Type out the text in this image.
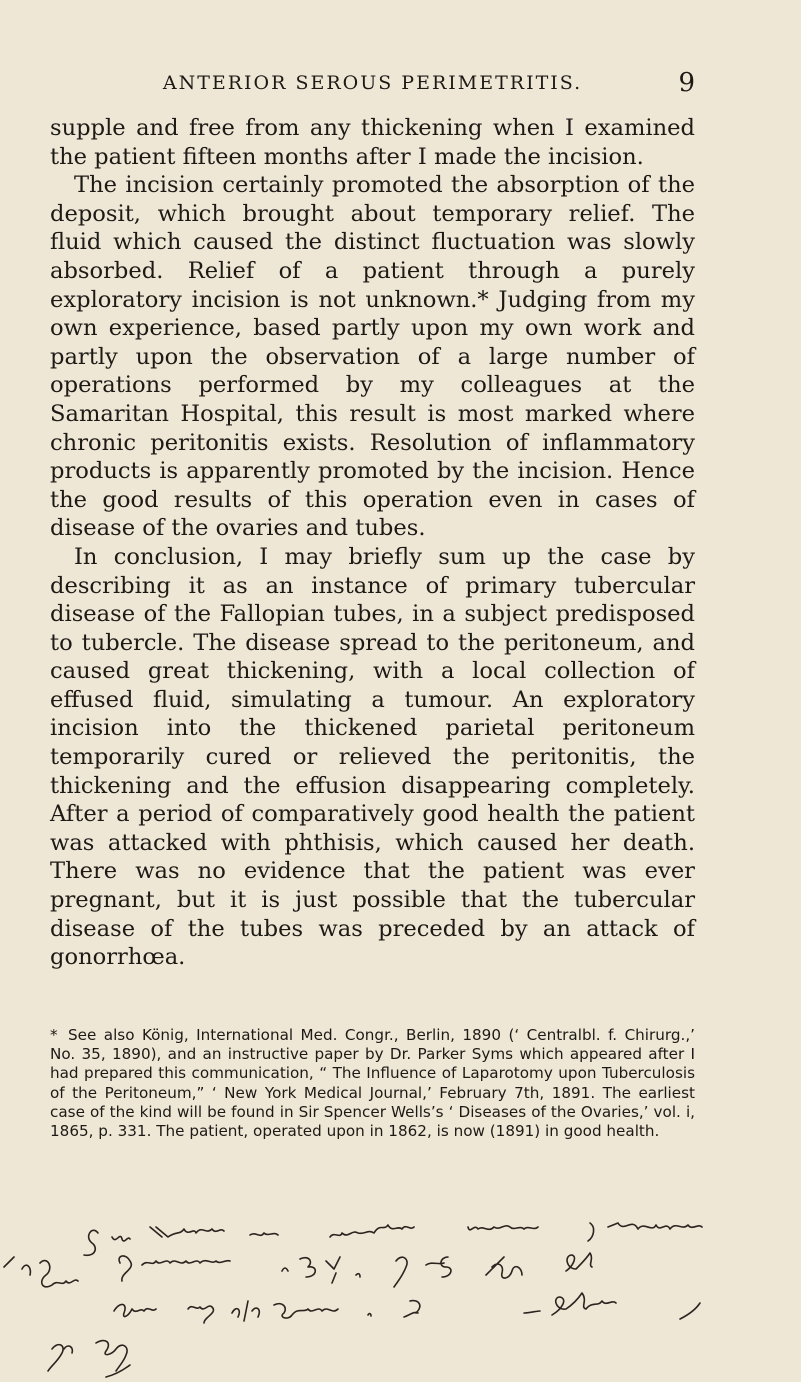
ANTERIOR SEROUS PERIMETRITIS.	9

supple and free from any thickening when I examined the patient fifteen months after I made the incision.

The incision certainly promoted the absorption of the deposit, which brought about temporary relief. The fluid which caused the distinct fluctuation was slowly absorbed. Relief of a patient through a purely exploratory incision is not unknown.* Judging from my own experience, based partly upon my own work and partly upon the observation of a large number of operations performed by my colleagues at the Samaritan Hospital, this result is most marked where chronic peritonitis exists. Resolution of inflammatory products is apparently promoted by the incision. Hence the good results of this operation even in cases of disease of the ovaries and tubes.

In conclusion, I may briefly sum up the case by describing it as an instance of primary tubercular disease of the Fallopian tubes, in a subject predisposed to tubercle. The disease spread to the peritoneum, and caused great thickening, with a local collection of effused fluid, simulating a tumour. An exploratory incision into the thickened parietal peritoneum temporarily cured or relieved the peritonitis, the thickening and the effusion disappearing completely. After a period of comparatively good health the patient was attacked with phthisis, which caused her death. There was no evidence that the patient was ever pregnant, but it is just possible that the tubercular disease of the tubes was preceded by an attack of gonorrhœa.

* See also König, International Med. Congr., Berlin, 1890 (‘ Centralbl. f. Chirurg.,’ No. 35, 1890), and an instructive paper by Dr. Parker Syms which appeared after I had prepared this communication, “ The Influence of Laparotomy upon Tuberculosis of the Peritoneum,” ‘ New York Medical Journal,’ February 7th, 1891. The earliest case of the kind will be found in Sir Spencer Wells’s ‘ Diseases of the Ovaries,’ vol. i, 1865, p. 331. The patient, operated upon in 1862, is now (1891) in good health.
